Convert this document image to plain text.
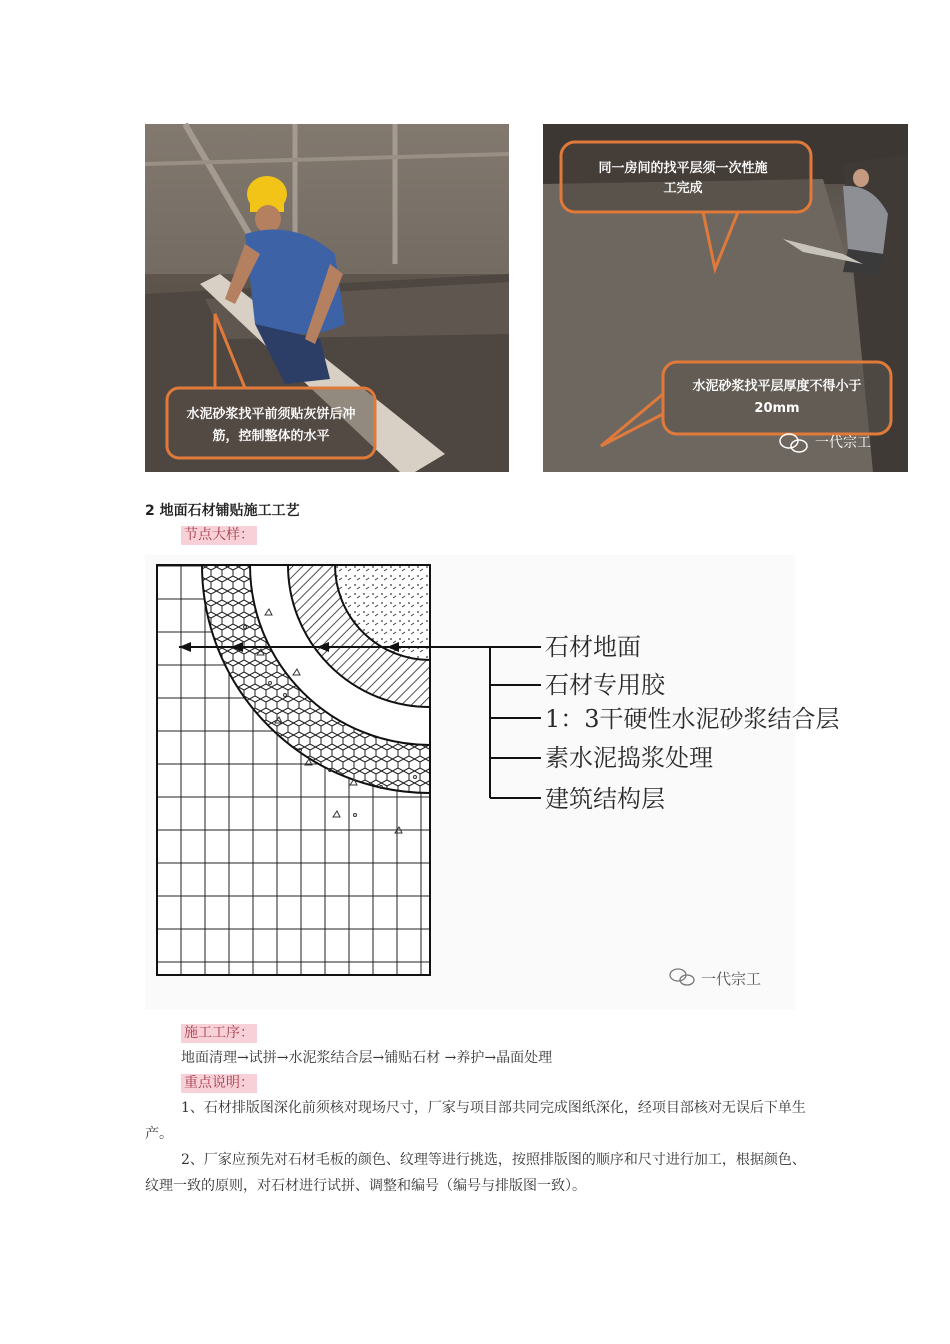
水泥砂浆找平前须贴灰饼后冲
筋，控制整体的水平
同一房间的找平层须一次性施
工完成
水泥砂浆找平层厚度不得小于
20mm
一代宗工
2 地面石材铺贴施工工艺
节点大样：
石材地面
石材专用胶
1：3干硬性水泥砂浆结合层
素水泥捣浆处理
建筑结构层
一代宗工
施工工序：
地面清理→试拼→水泥浆结合层→铺贴石材 →养护→晶面处理
重点说明：
1、石材排版图深化前须核对现场尺寸，厂家与项目部共同完成图纸深化，经项目部核对无误后下单生产。
2、厂家应预先对石材毛板的颜色、纹理等进行挑选，按照排版图的顺序和尺寸进行加工，根据颜色、纹理一致的原则，对石材进行试拼、调整和编号（编号与排版图一致）。
